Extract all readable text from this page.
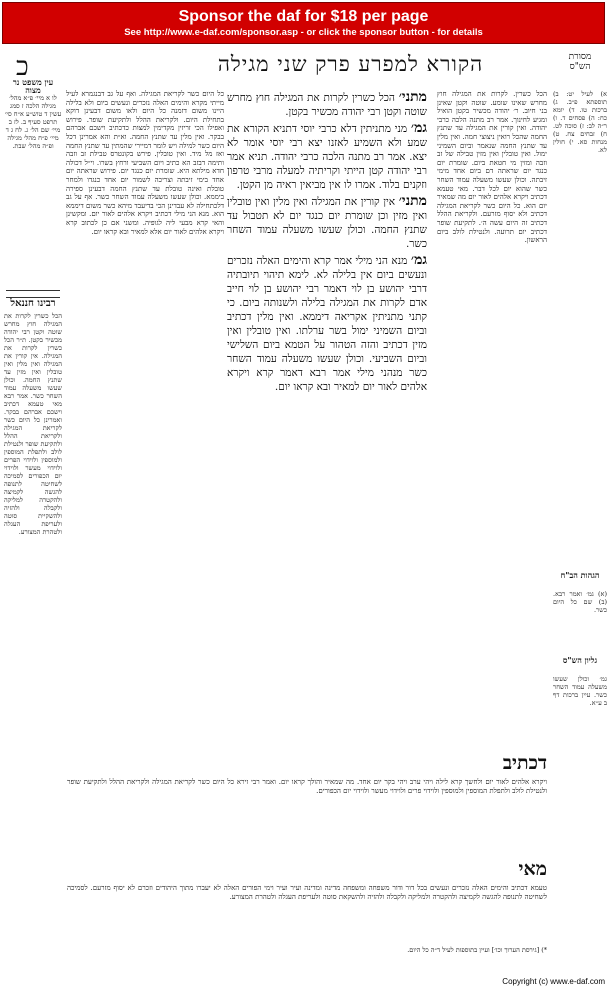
Sponsor the daf for $18 per page
See http://www.e-daf.com/sponsor.asp - or click the sponsor button - for details
כ	הקורא למפרע פרק שני מגילה	מסורת הש"ס
עין משפט נר מצוה
לו א מיי׳ פ״א מהל׳ מגילה הלכה ז סמג עשין ד טוש״ע א״ח סי׳ תרפט סעיף ב. לז ב מיי׳ שם הל׳ ג. לח ג ד מיי׳ פ״ח מהל׳ מגילה ופ״ה מהל׳ שבת.
רבינו חננאל
הכל כשרין לקרות את המגילה חוץ מחרש שוטה וקטן רבי יהודה מכשיר בקטן. ת״ר הכל כשרין לקרות את המגילה. אין קורין את המגילה ואין מלין ואין טובלין ואין מזין עד שתנץ החמה. וכולן שעשו משעלה עמוד השחר כשר. אמר רבא מאי טעמא דכתיב וישכם אברהם בבקר. ואמרינן כל היום כשר לקריאת המגילה ולקריאת ההלל ולתקיעת שופר ולנטילת לולב ולתפלת המוספין ולמוספין ולוידוי הפרים ולוידוי מעשר ולוידוי יום הכפורים לסמיכה לשחיטה לתנופה להגשה לקמיצה ולהקטרה למליקה ולקבלה ולהזיה ולהשקיית סוטה ולעריפת העגלה ולטהרת המצורע.
א) לעיל יט: ב) תוספתא פ״ב. ג) ברכות טו. ד) יומא כח: ה) פסחים ד. ו) ר״ה לב: ז) סוכה לט. ח) זבחים צח. ט) מנחות סא. י) חולין לא.
הגהות הב"ח
(א) גמ׳ ואמר רבא. (ב) שם כל היום כשר.
גליון הש"ס
גמ׳ וכולן שעשו משעלה עמוד השחר כשר. עיין ברכות דף ב ע״א.
הכל כשרין. לקרות את המגילה חוץ מחרש שאינו שומע. שוטה וקטן שאינן בני חיוב. ר׳ יהודה מכשיר בקטן הואיל ומגיע לחינוך. אמר רב מתנה הלכה כרבי יהודה. ואין קורין את המגילה עד שתנץ החמה שהכל רואין ניצוצי חמה. ואין מלין עד שתנץ החמה שנאמר וביום השמיני ימול. ואין טובלין ואין מזין טבילה של זב וזבה ומזין מי חטאת ביום. שומרת יום כנגד יום שראתה דם ביום אחד מימי זיבתה. וכולן שעשו משעלה עמוד השחר כשר שהוא יום לכל דבר. מאי טעמא דכתיב ויקרא אלהים לאור יום מה שמאיר יום הוא. כל היום כשר לקריאת המגילה דכתיב ולא יסוף מזרעם. ולקריאת ההלל דכתיב זה היום עשה ה׳. לתקיעת שופר דכתיב יום תרועה. ולנטילת לולב ביום הראשון.

מתני׳ הכל כשרין לקרות את המגילה חוץ מחרש שוטה וקטן רבי יהודה מכשיר בקטן.

גמ׳ מני מתניתין דלא כרבי יוסי דתניא הקורא את שמע ולא השמיע לאזנו יצא רבי יוסי אומר לא יצא. אמר רב מתנה הלכה כרבי יהודה. תניא אמר רבי יהודה קטן הייתי וקריתיה למעלה מרבי טרפון וזקנים בלוד. אמרו לו אין מביאין ראיה מן הקטן.

מתני׳ אין קורין את המגילה ואין מלין ואין טובלין ואין מזין וכן שומרת יום כנגד יום לא תטבול עד שתנץ החמה. וכולן שעשו משעלה עמוד השחר כשר.

גמ׳ מנא הני מילי אמר קרא והימים האלה נזכרים ונעשים ביום אין בלילה לא. לימא תיהוי תיובתיה דרבי יהושע בן לוי דאמר רבי יהושע בן לוי חייב אדם לקרות את המגילה בלילה ולשנותה ביום. כי קתני מתניתין אקריאה דיממא. ואין מלין דכתיב וביום השמיני ימול בשר ערלתו. ואין טובלין ואין מזין דכתיב והזה הטהור על הטמא ביום השלישי וביום השביעי. וכולן שעשו משעלה עמוד השחר כשר מנהני מילי אמר רבא דאמר קרא ויקרא אלהים לאור יום למאיר ובא קראו יום.

כל היום כשר לקריאת המגילה. ואף על גב דבנגמרא לעיל מייתי מקרא והימים האלה נזכרים ונעשים ביום ולא בלילה היינו משום דזמנה כל היום ולאו משום דבעינן דוקא בתחילת היום. ולקריאת ההלל ולתקיעת שופר. פירוש ואפילו הכי זריזין מקדימין למצות כדכתיב וישכם אברהם בבקר. ואין מלין עד שתנץ החמה. וא״ת והא אמרינן דכל היום כשר למילה ויש לומר דמיירי שהמתין עד שתנץ החמה ואז מל מיד. ואין טובלין. פירש בקונטרס טבילת זב וזבה ותימה דבזב הא כתיב ויום השביעי ורחץ בשרו. וי״ל דכולה חדא מילתא היא. שומרת יום כנגד יום. פירוש שראתה יום אחד בימי זיבתה וצריכה לשמור יום אחד כנגדו ולמחר טובלת ואינה טובלת עד שתנץ החמה דבעינן ספירה ביממא. וכולן שעשו משעלה עמוד השחר כשר. אף על גב דלכתחילה לא עבדינן הכי בדיעבד מיהא כשר משום דיממא הוא. מנא הני מילי דכתיב ויקרא אלהים לאור יום. ומקשינן והאי קרא מבעי ליה לגופיה. ומשני אם כן לכתוב קרא ויקרא אלהים לאור יום אלא למאיר ובא קראו יום.
דכתיב
ויקרא אלהים לאור יום ולחשך קרא לילה ויהי ערב ויהי בקר יום אחד. מה שמאיר והולך קראו יום. ואמר רבי זירא כל היום כשר לקריאת המגילה ולקריאת ההלל ולתקיעת שופר ולנטילת לולב ולתפלת המוספין ולמוספין ולוידוי פרים ולוידוי מעשר ולוידוי יום הכפורים.
מאי
טעמא דכתיב והימים האלה נזכרים ונעשים בכל דור ודור משפחה ומשפחה מדינה ומדינה ועיר ועיר וימי הפורים האלה לא יעברו מתוך היהודים וזכרם לא יסוף מזרעם. לסמיכה לשחיטה לתנופה להגשה לקמיצה ולהקטרה ולמליקה ולקבלה ולהזיה ולהשקאת סוטה ולעריפת העגלה ולטהרת המצורע.
*) [גירסת הערוך וכו׳] ועיין בתוספות לעיל ד״ה כל היום.
Copyright (c) www.e-daf.com
